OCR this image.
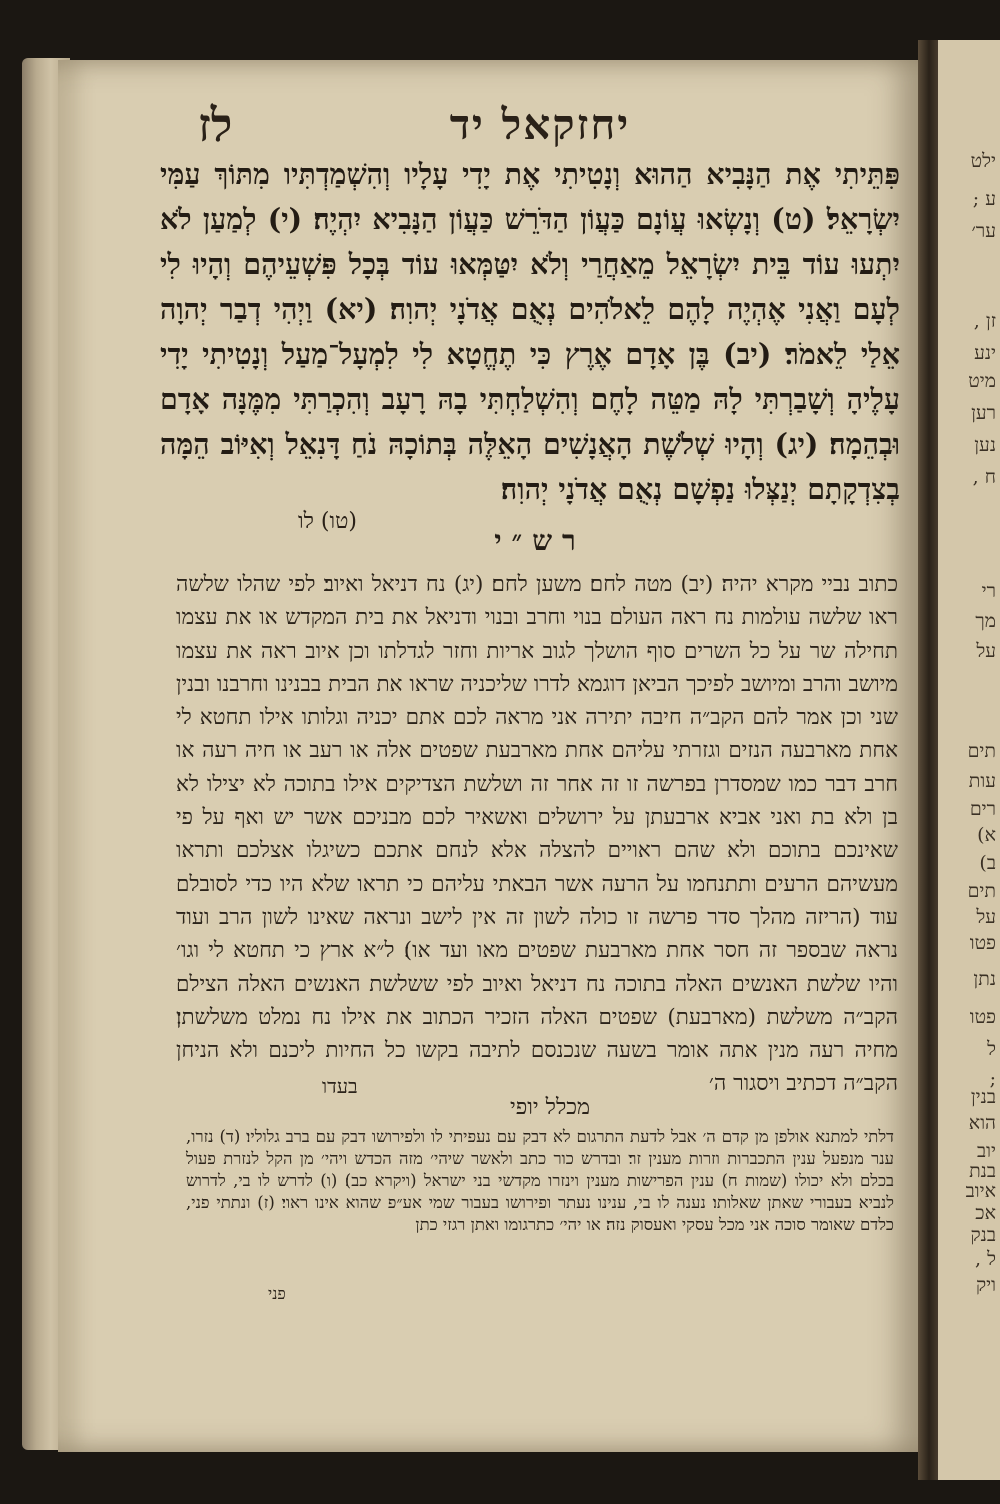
ילט
ע ;
ער׳
זן ,
ינע
מיט
רען
נען
ח ,
רי
מך
על
תים
עות
רים
א)
ב)
תים
על
פטו
נתן
פטו
ל
;
בנין
הוא
יוב
בנת
איוב
אכ
בנק
ל ,
ויק
לז	יחזקאל יד
פִּתֵּיתִי אֶת הַנָּבִיא הַהוּא וְנָטִיתִי אֶת יָדִי עָלָיו וְהִשְׁמַדְתִּיו מִתּוֹךְ עַמִּי יִשְׂרָאֵל׃ (ט) וְנָשְׂאוּ עֲוֹנָם כַּעֲוֹן הַדֹּרֵשׁ כַּעֲוֹן הַנָּבִיא יִהְיֶה׃ (י) לְמַעַן לֹא יִתְעוּ עוֹד בֵּית יִשְׂרָאֵל מֵאַחֲרַי וְלֹא יִטַּמְּאוּ עוֹד בְּכָל פִּשְׁעֵיהֶם וְהָיוּ לִי לְעָם וַאֲנִי אֶהְיֶה לָהֶם לֵאלֹהִים נְאֻם אֲדֹנָי יְהוִה׃ (יא) וַיְהִי דְבַר יְהוָה אֵלַי לֵאמֹר׃ (יב) בֶּן אָדָם אֶרֶץ כִּי תֶחֱטָא לִי לִמְעָל־מַעַל וְנָטִיתִי יָדִי עָלֶיהָ וְשָׁבַרְתִּי לָהּ מַטֵּה לָחֶם וְהִשְׁלַחְתִּי בָהּ רָעָב וְהִכְרַתִּי מִמֶּנָּה אָדָם וּבְהֵמָה׃ (יג) וְהָיוּ שְׁלֹשֶׁת הָאֲנָשִׁים הָאֵלֶּה בְּתוֹכָהּ נֹחַ דָּנִאֵל וְאִיּוֹב הֵמָּה בְצִדְקָתָם יְנַצְּלוּ נַפְשָׁם נְאֻם אֲדֹנָי יְהוִה׃
(טו) לו
רש״י
כתוב נביי מקרא יהיה׃ (יב) מטה לחם׃ משען לחם׃ (יג) נח דניאל ואיוב׃ לפי שהלו שלשה ראו שלשה עולמות נח ראה העולם בנוי וחרב ובנוי ודניאל את בית המקדש או את עצמו תחילה שר על כל השרים סוף הושלך לגוב אריות וחזר לגדלתו וכן איוב ראה את עצמו מיושב והרב ומיושב לפיכך הביאן דוגמא לדרו שליכניה שראו את הבית בבנינו וחרבנו ובנין שני וכן אמר להם הקב״ה חיבה יתירה אני מראה לכם אתם יכניה וגלותו אילו תחטא לי אחת מארבעה הנזים וגזרתי עליהם אחת מארבעת שפטים אלה או רעב או חיה רעה או חרב דבר כמו שמסדרן בפרשה זו זה אחר זה ושלשת הצדיקים אילו בתוכה לא יצילו לא בן ולא בת ואני אביא ארבעתן על ירושלים ואשאיר לכם מבניכם אשר יש ואף על פי שאינכם בתוכם ולא שהם ראויים להצלה אלא לנחם אתכם כשיגלו אצלכם ותראו מעשיהם הרעים ותתנחמו על הרעה אשר הבאתי עליהם כי תראו שלא היו כדי לסובלם עוד (הריזה מהלך סדר פרשה זו כולה לשון זה אין לישב ונראה שאינו לשון הרב ועוד נראה שבספר זה חסר אחת מארבעת שפטים מאו ועד או)׃ ל״א ארץ כי תחטא לי וגו׳ והיו שלשת האנשים האלה בתוכה נח דניאל ואיוב לפי ששלשת האנשים האלה הצילם הקב״ה משלשת (מארבעת) שפטים האלה הזכיר הכתוב את אילו נח נמלט משלשתן׃ מחיה רעה מנין אתה אומר בשעה שנכנסם לתיבה בקשו כל החיות ליכנם ולא הניחן הקב״ה דכתיב ויסגור ה׳
בעדו
מכלל יופי
דלתי למתנא אולפן מן קדם ה׳ אבל לדעת התרגום לא דבק עם נעפיתי לו ולפירושו דבק עם ברב גלוליו׃ (ד) נזרו, ענר מנפעל ענין התכברות וזרות מענין זר׃ ובדרש כור כתב ולאשר שיהי׳ מזה הכדש ויהי׳ מן הקל לנזרת פעול בכלם ולא יכולו (שמות ח) ענין הפרישות מענין וינזרו מקדשי בני ישראל (ויקרא כב)׃ (ו) לדרש לו בי, לדרוש לנביא בעבורי שאתן שאלותו׃ נענה לו בי, ענינו נעתר ופירושו בעבור שמי אע״פ שהוא אינו ראוי׃ (ז) ונתתי פני, כלדם שאומר סוכה אני מכל עסקי ואעסוק נזה׃ או יהי׳ כתרגומו ואתן רגזי כתן
פני
